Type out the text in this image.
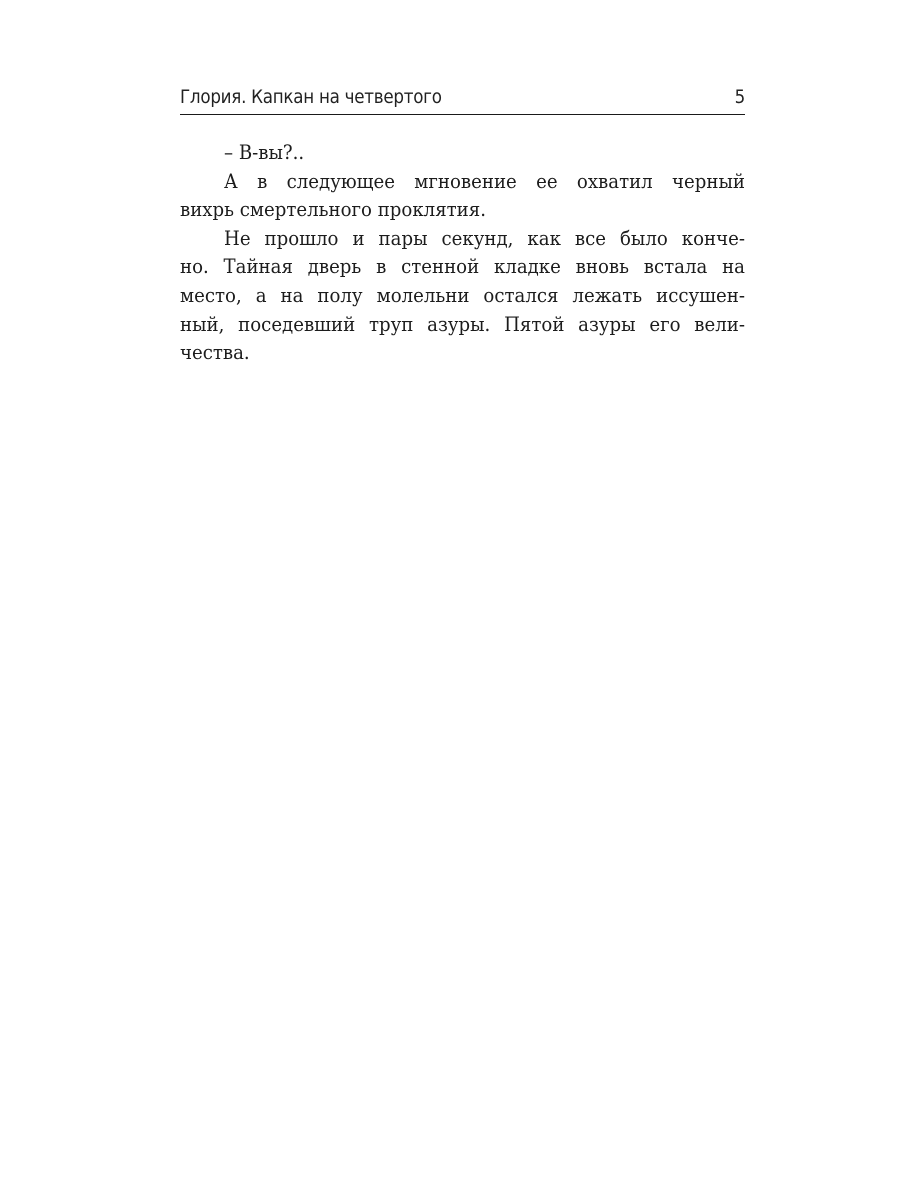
Глория. Капкан на четвертого	5
– В-вы?..
А в следующее мгновение ее охватил черный
вихрь смертельного проклятия.
Не прошло и пары секунд, как все было конче-
но. Тайная дверь в стенной кладке вновь встала на
место, а на полу молельни остался лежать иссушен-
ный, поседевший труп азуры. Пятой азуры его вели-
чества.
